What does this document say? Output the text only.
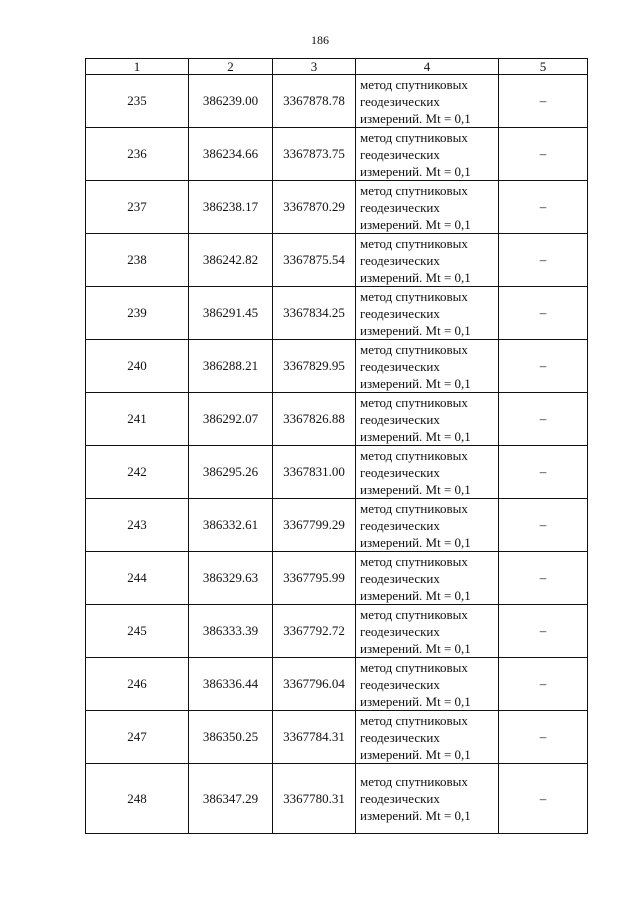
186
1	2	3	4	5
235	386239.00	3367878.78	метод спутниковых
геодезических
измерений. Mt = 0,1	–
236	386234.66	3367873.75	метод спутниковых
геодезических
измерений. Mt = 0,1	–
237	386238.17	3367870.29	метод спутниковых
геодезических
измерений. Mt = 0,1	–
238	386242.82	3367875.54	метод спутниковых
геодезических
измерений. Mt = 0,1	–
239	386291.45	3367834.25	метод спутниковых
геодезических
измерений. Mt = 0,1	–
240	386288.21	3367829.95	метод спутниковых
геодезических
измерений. Mt = 0,1	–
241	386292.07	3367826.88	метод спутниковых
геодезических
измерений. Mt = 0,1	–
242	386295.26	3367831.00	метод спутниковых
геодезических
измерений. Mt = 0,1	–
243	386332.61	3367799.29	метод спутниковых
геодезических
измерений. Mt = 0,1	–
244	386329.63	3367795.99	метод спутниковых
геодезических
измерений. Mt = 0,1	–
245	386333.39	3367792.72	метод спутниковых
геодезических
измерений. Mt = 0,1	–
246	386336.44	3367796.04	метод спутниковых
геодезических
измерений. Mt = 0,1	–
247	386350.25	3367784.31	метод спутниковых
геодезических
измерений. Mt = 0,1	–
248	386347.29	3367780.31	метод спутниковых
геодезических
измерений. Mt = 0,1	–
